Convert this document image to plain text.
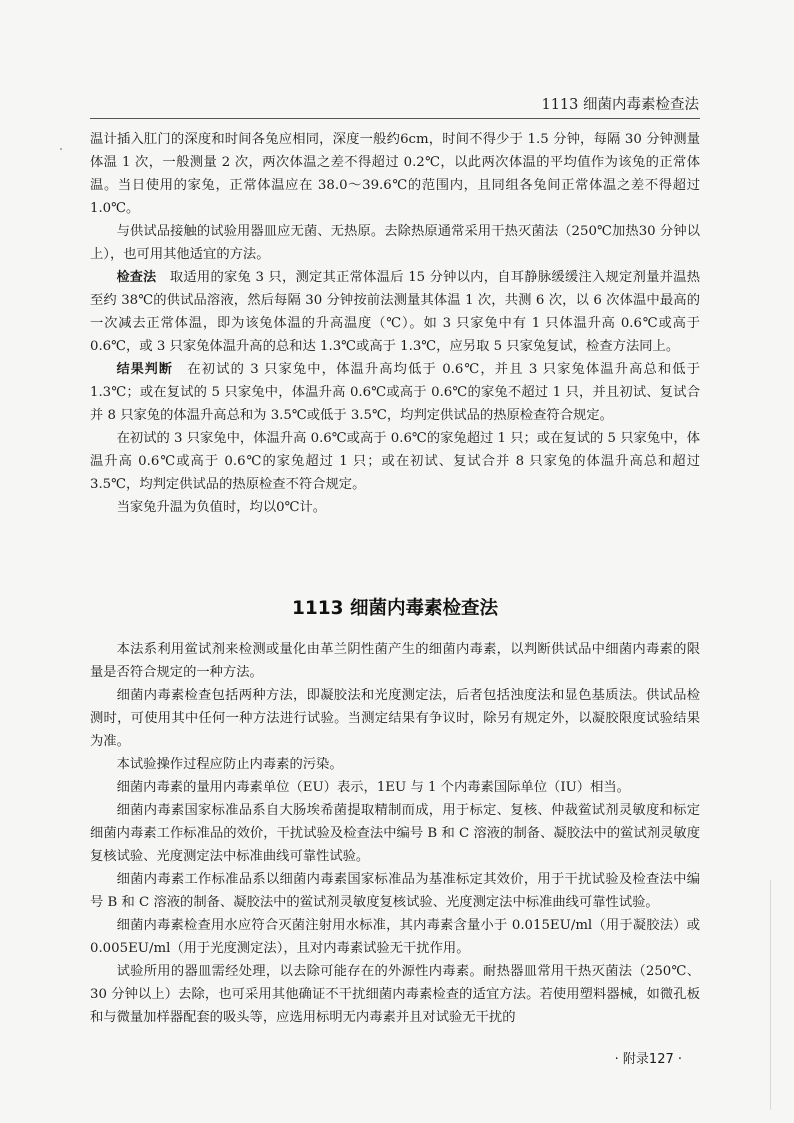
1113 细菌内毒素检查法

温计插入肛门的深度和时间各兔应相同，深度一般约6cm，时间不得少于 1.5 分钟，每隔 30 分钟测量体温 1 次，一般测量 2 次，两次体温之差不得超过 0.2℃，以此两次体温的平均值作为该兔的正常体温。当日使用的家兔，正常体温应在 38.0～39.6℃的范围内，且同组各兔间正常体温之差不得超过 1.0℃。

与供试品接触的试验用器皿应无菌、无热原。去除热原通常采用干热灭菌法（250℃加热30 分钟以上），也可用其他适宜的方法。

检查法　取适用的家兔 3 只，测定其正常体温后 15 分钟以内，自耳静脉缓缓注入规定剂量并温热至约 38℃的供试品溶液，然后每隔 30 分钟按前法测量其体温 1 次，共测 6 次，以 6 次体温中最高的一次减去正常体温，即为该兔体温的升高温度（℃）。如 3 只家兔中有 1 只体温升高 0.6℃或高于 0.6℃，或 3 只家兔体温升高的总和达 1.3℃或高于 1.3℃，应另取 5 只家兔复试，检查方法同上。

结果判断　在初试的 3 只家兔中，体温升高均低于 0.6℃，并且 3 只家兔体温升高总和低于 1.3℃；或在复试的 5 只家兔中，体温升高 0.6℃或高于 0.6℃的家兔不超过 1 只，并且初试、复试合并 8 只家兔的体温升高总和为 3.5℃或低于 3.5℃，均判定供试品的热原检查符合规定。

在初试的 3 只家兔中，体温升高 0.6℃或高于 0.6℃的家兔超过 1 只；或在复试的 5 只家兔中，体温升高 0.6℃或高于 0.6℃的家兔超过 1 只；或在初试、复试合并 8 只家兔的体温升高总和超过 3.5℃，均判定供试品的热原检查不符合规定。

当家兔升温为负值时，均以0℃计。

1113 细菌内毒素检查法

本法系利用鲎试剂来检测或量化由革兰阴性菌产生的细菌内毒素，以判断供试品中细菌内毒素的限量是否符合规定的一种方法。

细菌内毒素检查包括两种方法，即凝胶法和光度测定法，后者包括浊度法和显色基质法。供试品检测时，可使用其中任何一种方法进行试验。当测定结果有争议时，除另有规定外，以凝胶限度试验结果为准。

本试验操作过程应防止内毒素的污染。

细菌内毒素的量用内毒素单位（EU）表示，1EU 与 1 个内毒素国际单位（IU）相当。

细菌内毒素国家标准品系自大肠埃希菌提取精制而成，用于标定、复核、仲裁鲎试剂灵敏度和标定细菌内毒素工作标准品的效价，干扰试验及检查法中编号 B 和 C 溶液的制备、凝胶法中的鲎试剂灵敏度复核试验、光度测定法中标准曲线可靠性试验。

细菌内毒素工作标准品系以细菌内毒素国家标准品为基准标定其效价，用于干扰试验及检查法中编号 B 和 C 溶液的制备、凝胶法中的鲎试剂灵敏度复核试验、光度测定法中标准曲线可靠性试验。

细菌内毒素检查用水应符合灭菌注射用水标准，其内毒素含量小于 0.015EU/ml（用于凝胶法）或 0.005EU/ml（用于光度测定法），且对内毒素试验无干扰作用。

试验所用的器皿需经处理，以去除可能存在的外源性内毒素。耐热器皿常用干热灭菌法（250℃、30 分钟以上）去除，也可采用其他确证不干扰细菌内毒素检查的适宜方法。若使用塑料器械，如微孔板和与微量加样器配套的吸头等，应选用标明无内毒素并且对试验无干扰的

· 附录127 ·
